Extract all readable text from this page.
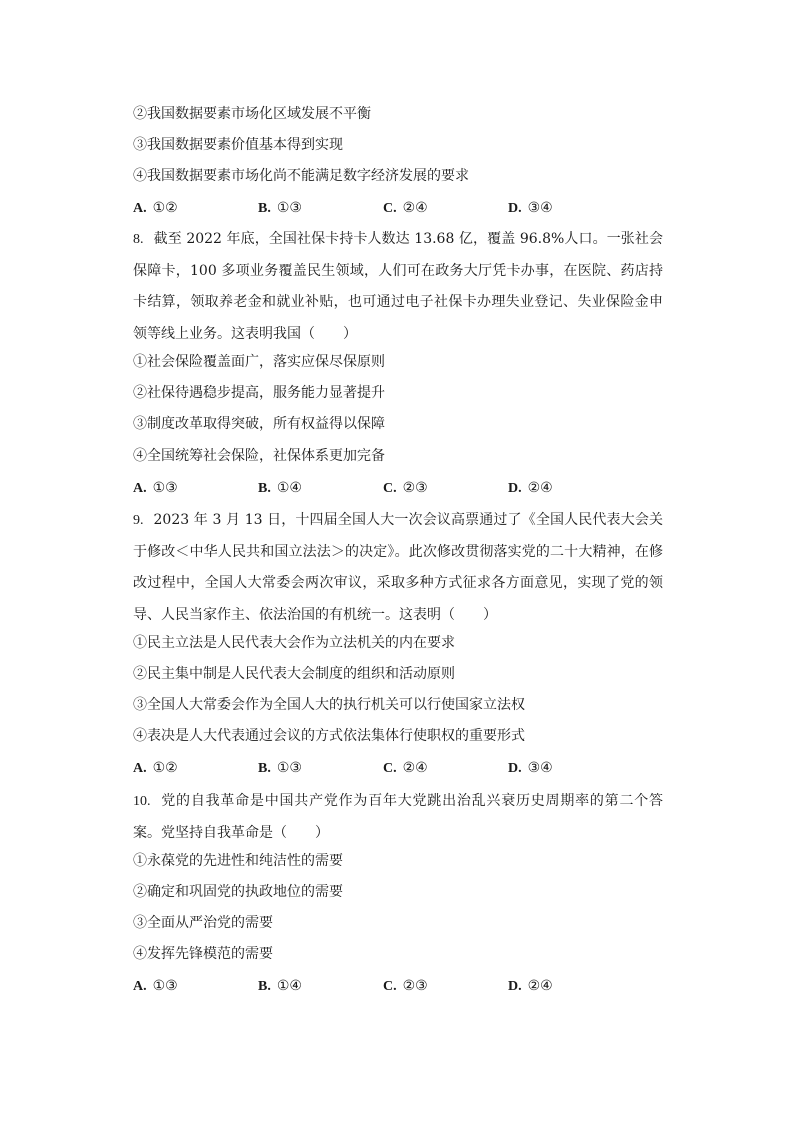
②我国数据要素市场化区域发展不平衡
③我国数据要素价值基本得到实现
④我国数据要素市场化尚不能满足数字经济发展的要求
A. ①②	B. ①③	C. ②④	D. ③④
8. 截至 2022 年底，全国社保卡持卡人数达 13.68 亿，覆盖 96.8%人口。一张社会保障卡，100 多项业务覆盖民生领域，人们可在政务大厅凭卡办事，在医院、药店持卡结算，领取养老金和就业补贴，也可通过电子社保卡办理失业登记、失业保险金申领等线上业务。这表明我国（　　）
①社会保险覆盖面广，落实应保尽保原则
②社保待遇稳步提高，服务能力显著提升
③制度改革取得突破，所有权益得以保障
④全国统筹社会保险，社保体系更加完备
A. ①③	B. ①④	C. ②③	D. ②④
9. 2023 年 3 月 13 日，十四届全国人大一次会议高票通过了《全国人民代表大会关于修改＜中华人民共和国立法法＞的决定》。此次修改贯彻落实党的二十大精神，在修改过程中，全国人大常委会两次审议，采取多种方式征求各方面意见，实现了党的领导、人民当家作主、依法治国的有机统一。这表明（　　）
①民主立法是人民代表大会作为立法机关的内在要求
②民主集中制是人民代表大会制度的组织和活动原则
③全国人大常委会作为全国人大的执行机关可以行使国家立法权
④表决是人大代表通过会议的方式依法集体行使职权的重要形式
A. ①②	B. ①③	C. ②④	D. ③④
10. 党的自我革命是中国共产党作为百年大党跳出治乱兴衰历史周期率的第二个答案。党坚持自我革命是（　　）
①永葆党的先进性和纯洁性的需要
②确定和巩固党的执政地位的需要
③全面从严治党的需要
④发挥先锋模范的需要
A. ①③	B. ①④	C. ②③	D. ②④
